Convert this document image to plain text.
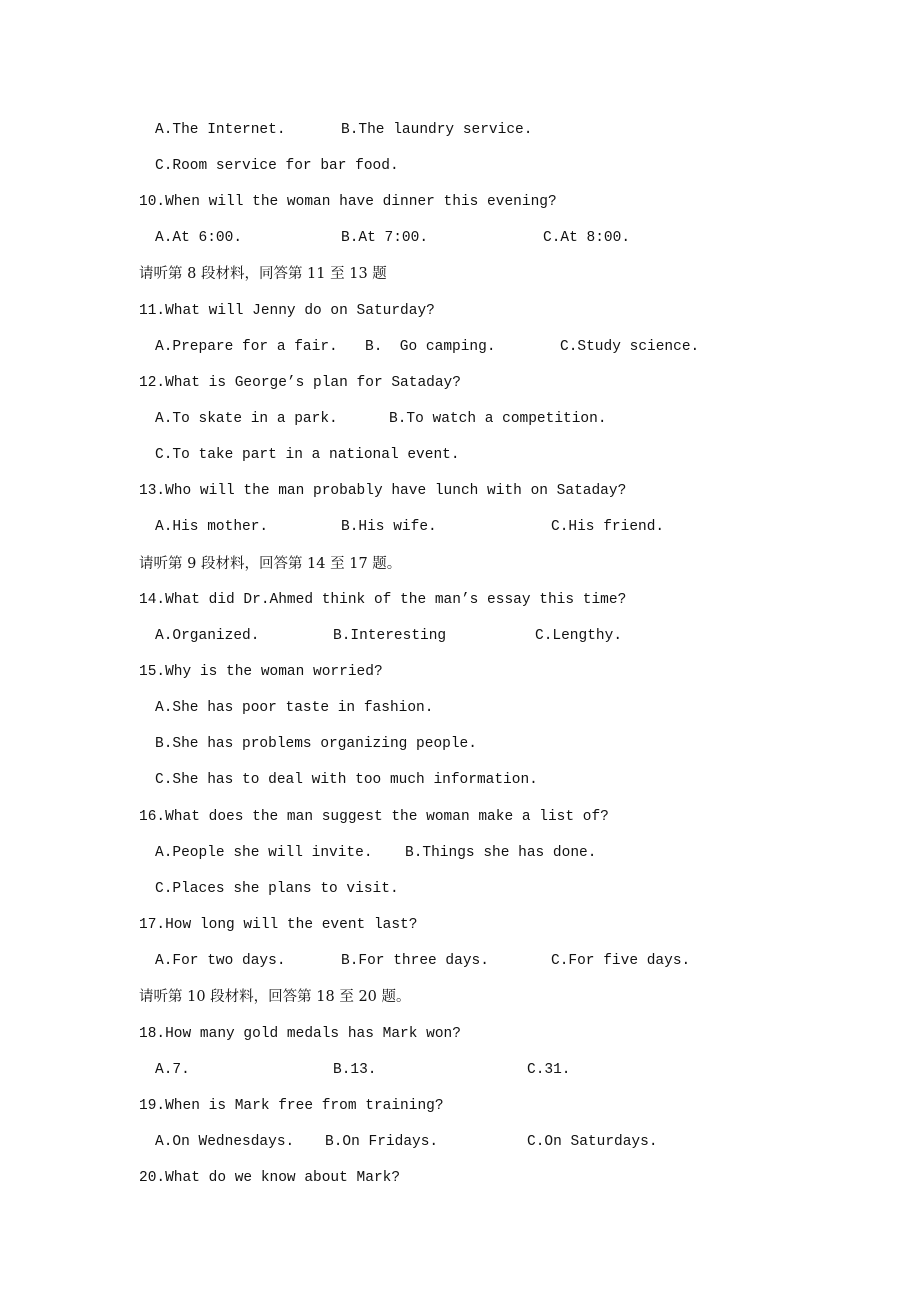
A.The Internet.	B.The laundry service.
C.Room service for bar food.
10.When will the woman have dinner this evening?
A.At 6:00.	B.At 7:00.	C.At 8:00.
请听第 8 段材料，同答第 11 至 13 题
11.What will Jenny do on Saturday?
A.Prepare for a fair. B.  Go camping.	C.Study science.
12.What is George’s plan for Sataday?
A.To skate in a park.	B.To watch a competition.
C.To take part in a national event.
13.Who will the man probably have lunch with on Sataday?
A.His mother.	B.His wife.	C.His friend.
请听第 9 段材料，回答第 14 至 17 题。
14.What did Dr.Ahmed think of the man’s essay this time?
A.Organized.	B.Interesting	C.Lengthy.
15.Why is the woman worried?
A.She has poor taste in fashion.
B.She has problems organizing people.
C.She has to deal with too much information.
16.What does the man suggest the woman make a list of?
A.People she will invite. B.Things she has done.
C.Places she plans to visit.
17.How long will the event last?
A.For two days.	B.For three days.	C.For five days.
请听第 10 段材料，回答第 18 至 20 题。
18.How many gold medals has Mark won?
A.7.	B.13.	C.31.
19.When is Mark free from training?
A.On Wednesdays. B.On Fridays.	C.On Saturdays.
20.What do we know about Mark?
